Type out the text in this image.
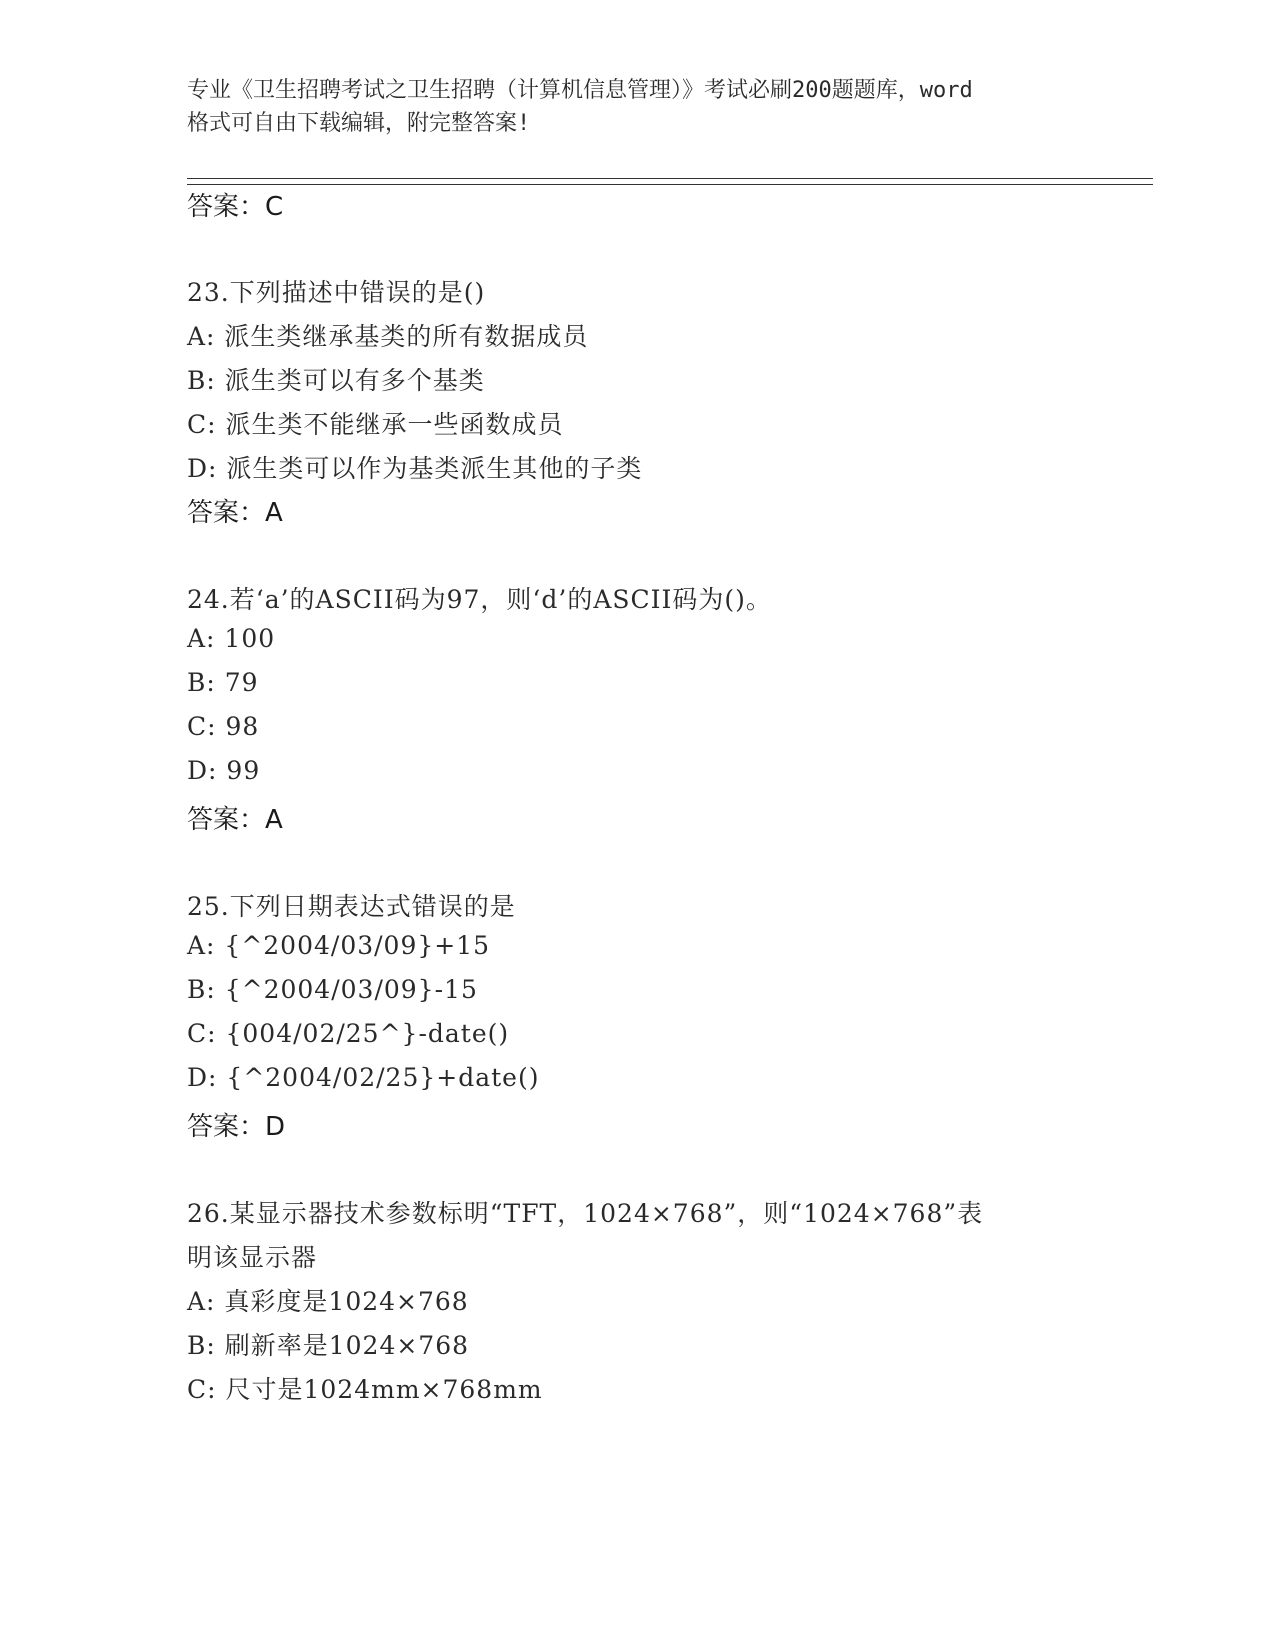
专业《卫生招聘考试之卫生招聘（计算机信息管理）》考试必刷200题题库，word
格式可自由下载编辑，附完整答案!
答案：C
23.下列描述中错误的是()
A: 派生类继承基类的所有数据成员
B: 派生类可以有多个基类
C: 派生类不能继承一些函数成员
D: 派生类可以作为基类派生其他的子类
答案：A
24.若‘a’的ASCII码为97，则‘d’的ASCII码为()。
A: 100
B: 79
C: 98
D: 99
答案：A
25.下列日期表达式错误的是
A: {^2004/03/09}+15
B: {^2004/03/09}-15
C: {004/02/25^}-date()
D: {^2004/02/25}+date()
答案：D
26.某显示器技术参数标明“TFT，1024×768”，则“1024×768”表
明该显示器
A: 真彩度是1024×768
B: 刷新率是1024×768
C: 尺寸是1024mm×768mm
